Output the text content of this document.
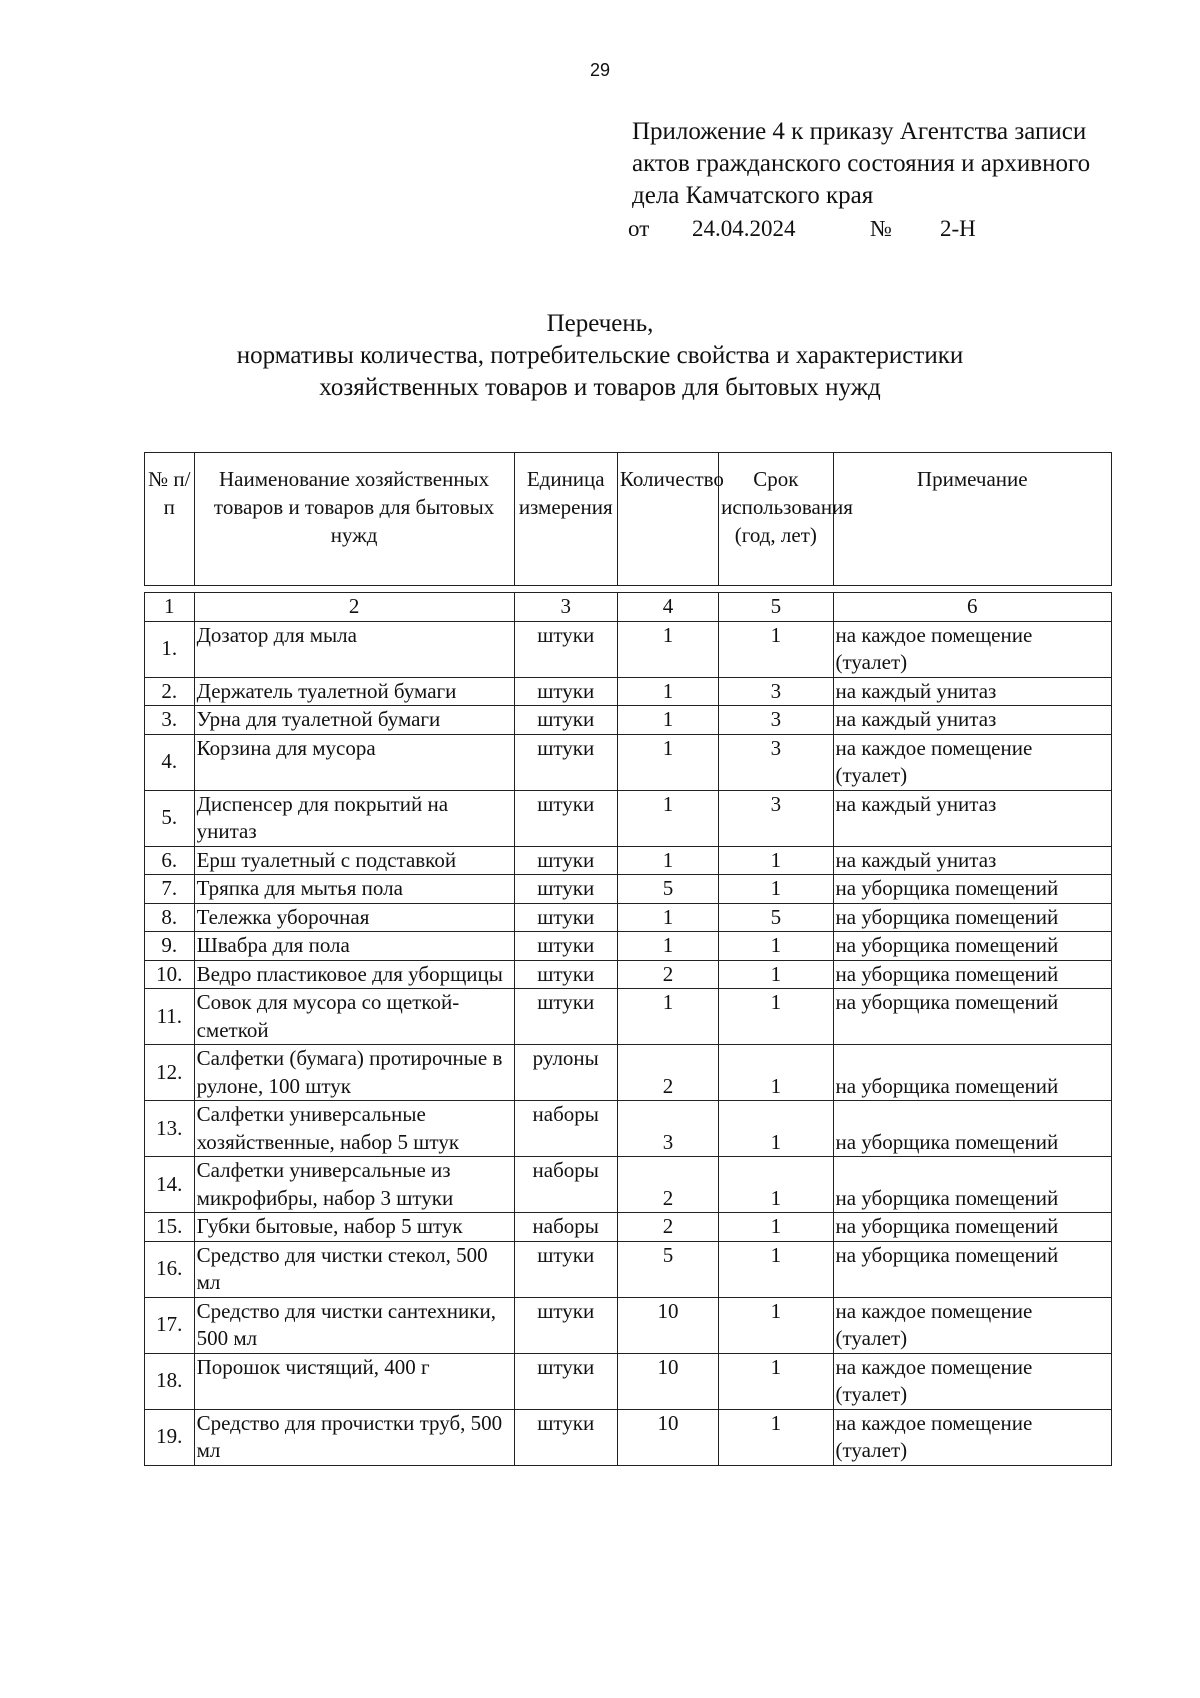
29
Приложение 4 к приказу Агентства записи
актов гражданского состояния и архивного
дела Камчатского края
от 24.04.2024	№ 2-Н
Перечень,
нормативы количества, потребительские свойства и характеристики
хозяйственных товаров и товаров для бытовых нужд
№ п/п	Наименование хозяйственных товаров и товаров для бытовых нужд	Единица измерения	Количество	Срок использования (год, лет)	Примечание
1	2	3	4	5	6
1.	Дозатор для мыла	штуки	1	1	на каждое помещение (туалет)
2.	Держатель туалетной бумаги	штуки	1	3	на каждый унитаз
3.	Урна для туалетной бумаги	штуки	1	3	на каждый унитаз
4.	Корзина для мусора	штуки	1	3	на каждое помещение (туалет)
5.	Диспенсер для покрытий на унитаз	штуки	1	3	на каждый унитаз
6.	Ерш туалетный с подставкой	штуки	1	1	на каждый унитаз
7.	Тряпка для мытья пола	штуки	5	1	на уборщика помещений
8.	Тележка уборочная	штуки	1	5	на уборщика помещений
9.	Швабра для пола	штуки	1	1	на уборщика помещений
10.	Ведро пластиковое для уборщицы	штуки	2	1	на уборщика помещений
11.	Совок для мусора со щеткой-сметкой	штуки	1	1	на уборщика помещений
12.	Салфетки (бумага) протирочные в рулоне, 100 штук	рулоны	2	1	на уборщика помещений
13.	Салфетки универсальные хозяйственные, набор 5 штук	наборы	3	1	на уборщика помещений
14.	Салфетки универсальные из микрофибры, набор 3 штуки	наборы	2	1	на уборщика помещений
15.	Губки бытовые, набор 5 штук	наборы	2	1	на уборщика помещений
16.	Средство для чистки стекол, 500 мл	штуки	5	1	на уборщика помещений
17.	Средство для чистки сантехники, 500 мл	штуки	10	1	на каждое помещение (туалет)
18.	Порошок чистящий, 400 г	штуки	10	1	на каждое помещение (туалет)
19.	Средство для прочистки труб, 500 мл	штуки	10	1	на каждое помещение (туалет)
